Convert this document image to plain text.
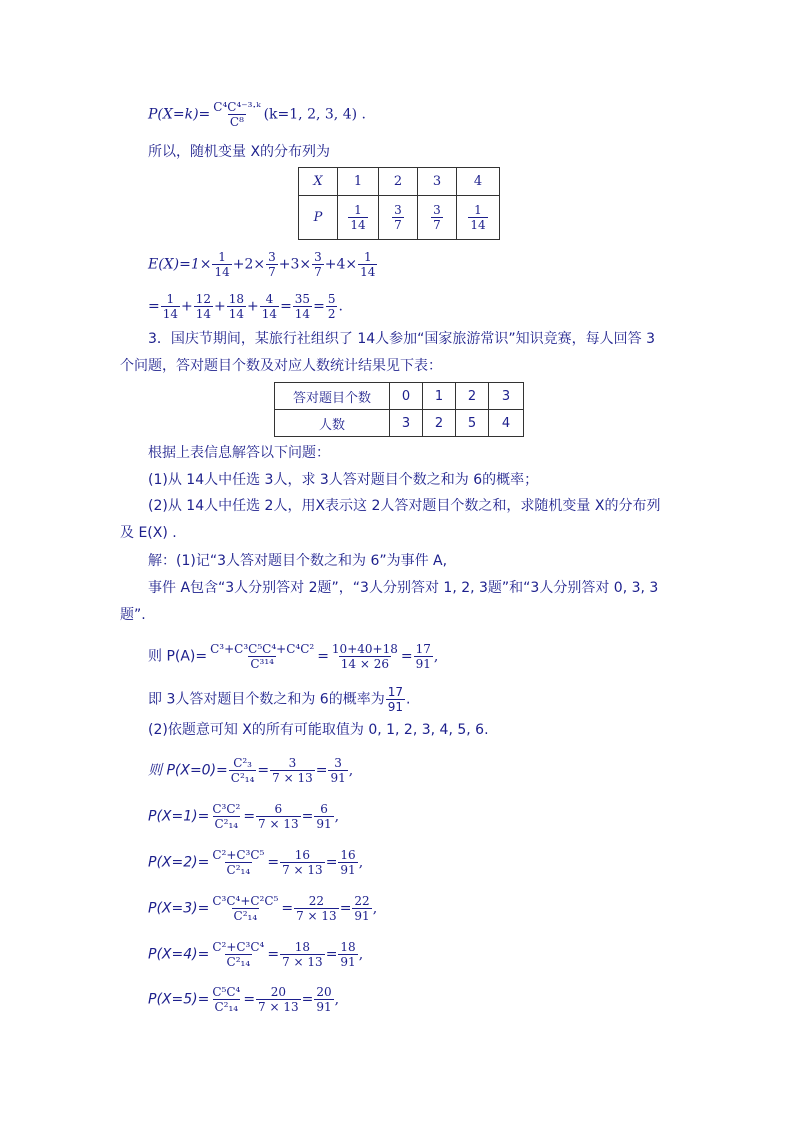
$P(X=k)= \frac{\text{C⁴C⁴⁻³·ᵏ}}{\text{C⁸}} (k=1$, 2, 3, 4) .
所以，随机变量 X的分布列为
X	1	2	3	4
P	$\frac{1}{14}$	$\frac{3}{7}$	$\frac{3}{7}$	$\frac{1}{14}$
$E(X)=1\times \frac{1}{14} +2\times \frac{3}{7} +3\times \frac{3}{7} +4\times \frac{1}{14}$
= $\frac{1}{14} + \frac{12}{14} + \frac{18}{14} + \frac{4}{14} = \frac{35}{14} = \frac{5}{2}$ .
3．国庆节期间，某旅行社组织了 14人参加“国家旅游常识”知识竞赛，每人回答 3
个问题，答对题目个数及对应人数统计结果见下表：
答对题目个数	0	1	2	3
人数	3	2	5	4
根据上表信息解答以下问题：
(1)从 14人中任选 3人，求 3人答对题目个数之和为 6的概率；
(2)从 14人中任选 2人，用X表示这 2人答对题目个数之和，求随机变量 X的分布列
及 E(X) .
解：(1)记“3人答对题目个数之和为 6”为事件 A,
事件 A包含“3人分别答对 2题”，“3人分别答对 1, 2, 3题”和“3人分别答对 0, 3, 3
题”.
则 $P(A)= \frac{\text{C³+C³C⁵C⁴+C⁴C²}}{\text{C³¹⁴}} = \frac{10+40+18}{14 \times 26} = \frac{17}{91}$ ,
即 3人答对题目个数之和为 6的概率为 $\frac{17}{91}$ .
(2)依题意可知 X的所有可能取值为 0, 1, 2, 3, 4, 5, 6.
则 $P(X=0)= \frac{\text{C²₃}}{\text{C²₁₄}} = \frac{3}{7 \times 13} = \frac{3}{91}$ ,
$P(X=1)= \frac{\text{C³C²}}{\text{C²₁₄}} = \frac{6}{7 \times 13} = \frac{6}{91}$ ,
$P(X=2)= \frac{\text{C²+C³C⁵}}{\text{C²₁₄}} = \frac{16}{7 \times 13} = \frac{16}{91}$ ,
$P(X=3)= \frac{\text{C³C⁴+C²C⁵}}{\text{C²₁₄}} = \frac{22}{7 \times 13} = \frac{22}{91}$ ,
$P(X=4)= \frac{\text{C²+C³C⁴}}{\text{C²₁₄}} = \frac{18}{7 \times 13} = \frac{18}{91}$ ,
$P(X=5)= \frac{\text{C⁵C⁴}}{\text{C²₁₄}} = \frac{20}{7 \times 13} = \frac{20}{91}$ ,
